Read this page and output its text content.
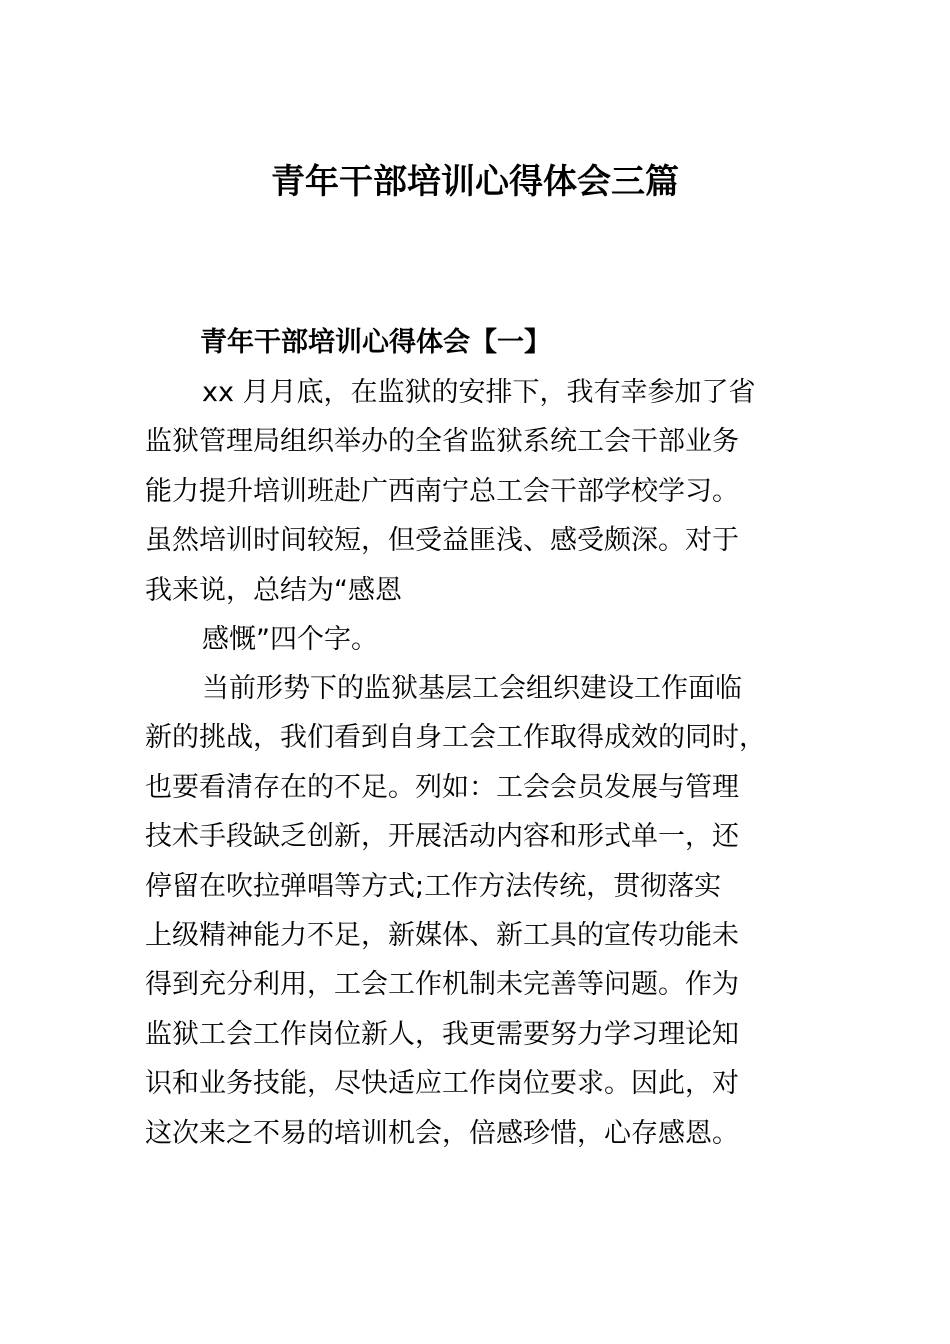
青年干部培训心得体会三篇
青年干部培训心得体会【一】
xx 月月底，在监狱的安排下，我有幸参加了省
监狱管理局组织举办的全省监狱系统工会干部业务
能力提升培训班赴广西南宁总工会干部学校学习。
虽然培训时间较短，但受益匪浅、感受颇深。对于
我来说，总结为“感恩
感慨”四个字。
当前形势下的监狱基层工会组织建设工作面临
新的挑战，我们看到自身工会工作取得成效的同时，
也要看清存在的不足。列如：工会会员发展与管理
技术手段缺乏创新，开展活动内容和形式单一，还
停留在吹拉弹唱等方式;工作方法传统，贯彻落实
上级精神能力不足，新媒体、新工具的宣传功能未
得到充分利用，工会工作机制未完善等问题。作为
监狱工会工作岗位新人，我更需要努力学习理论知
识和业务技能，尽快适应工作岗位要求。因此，对
这次来之不易的培训机会，倍感珍惜，心存感恩。
